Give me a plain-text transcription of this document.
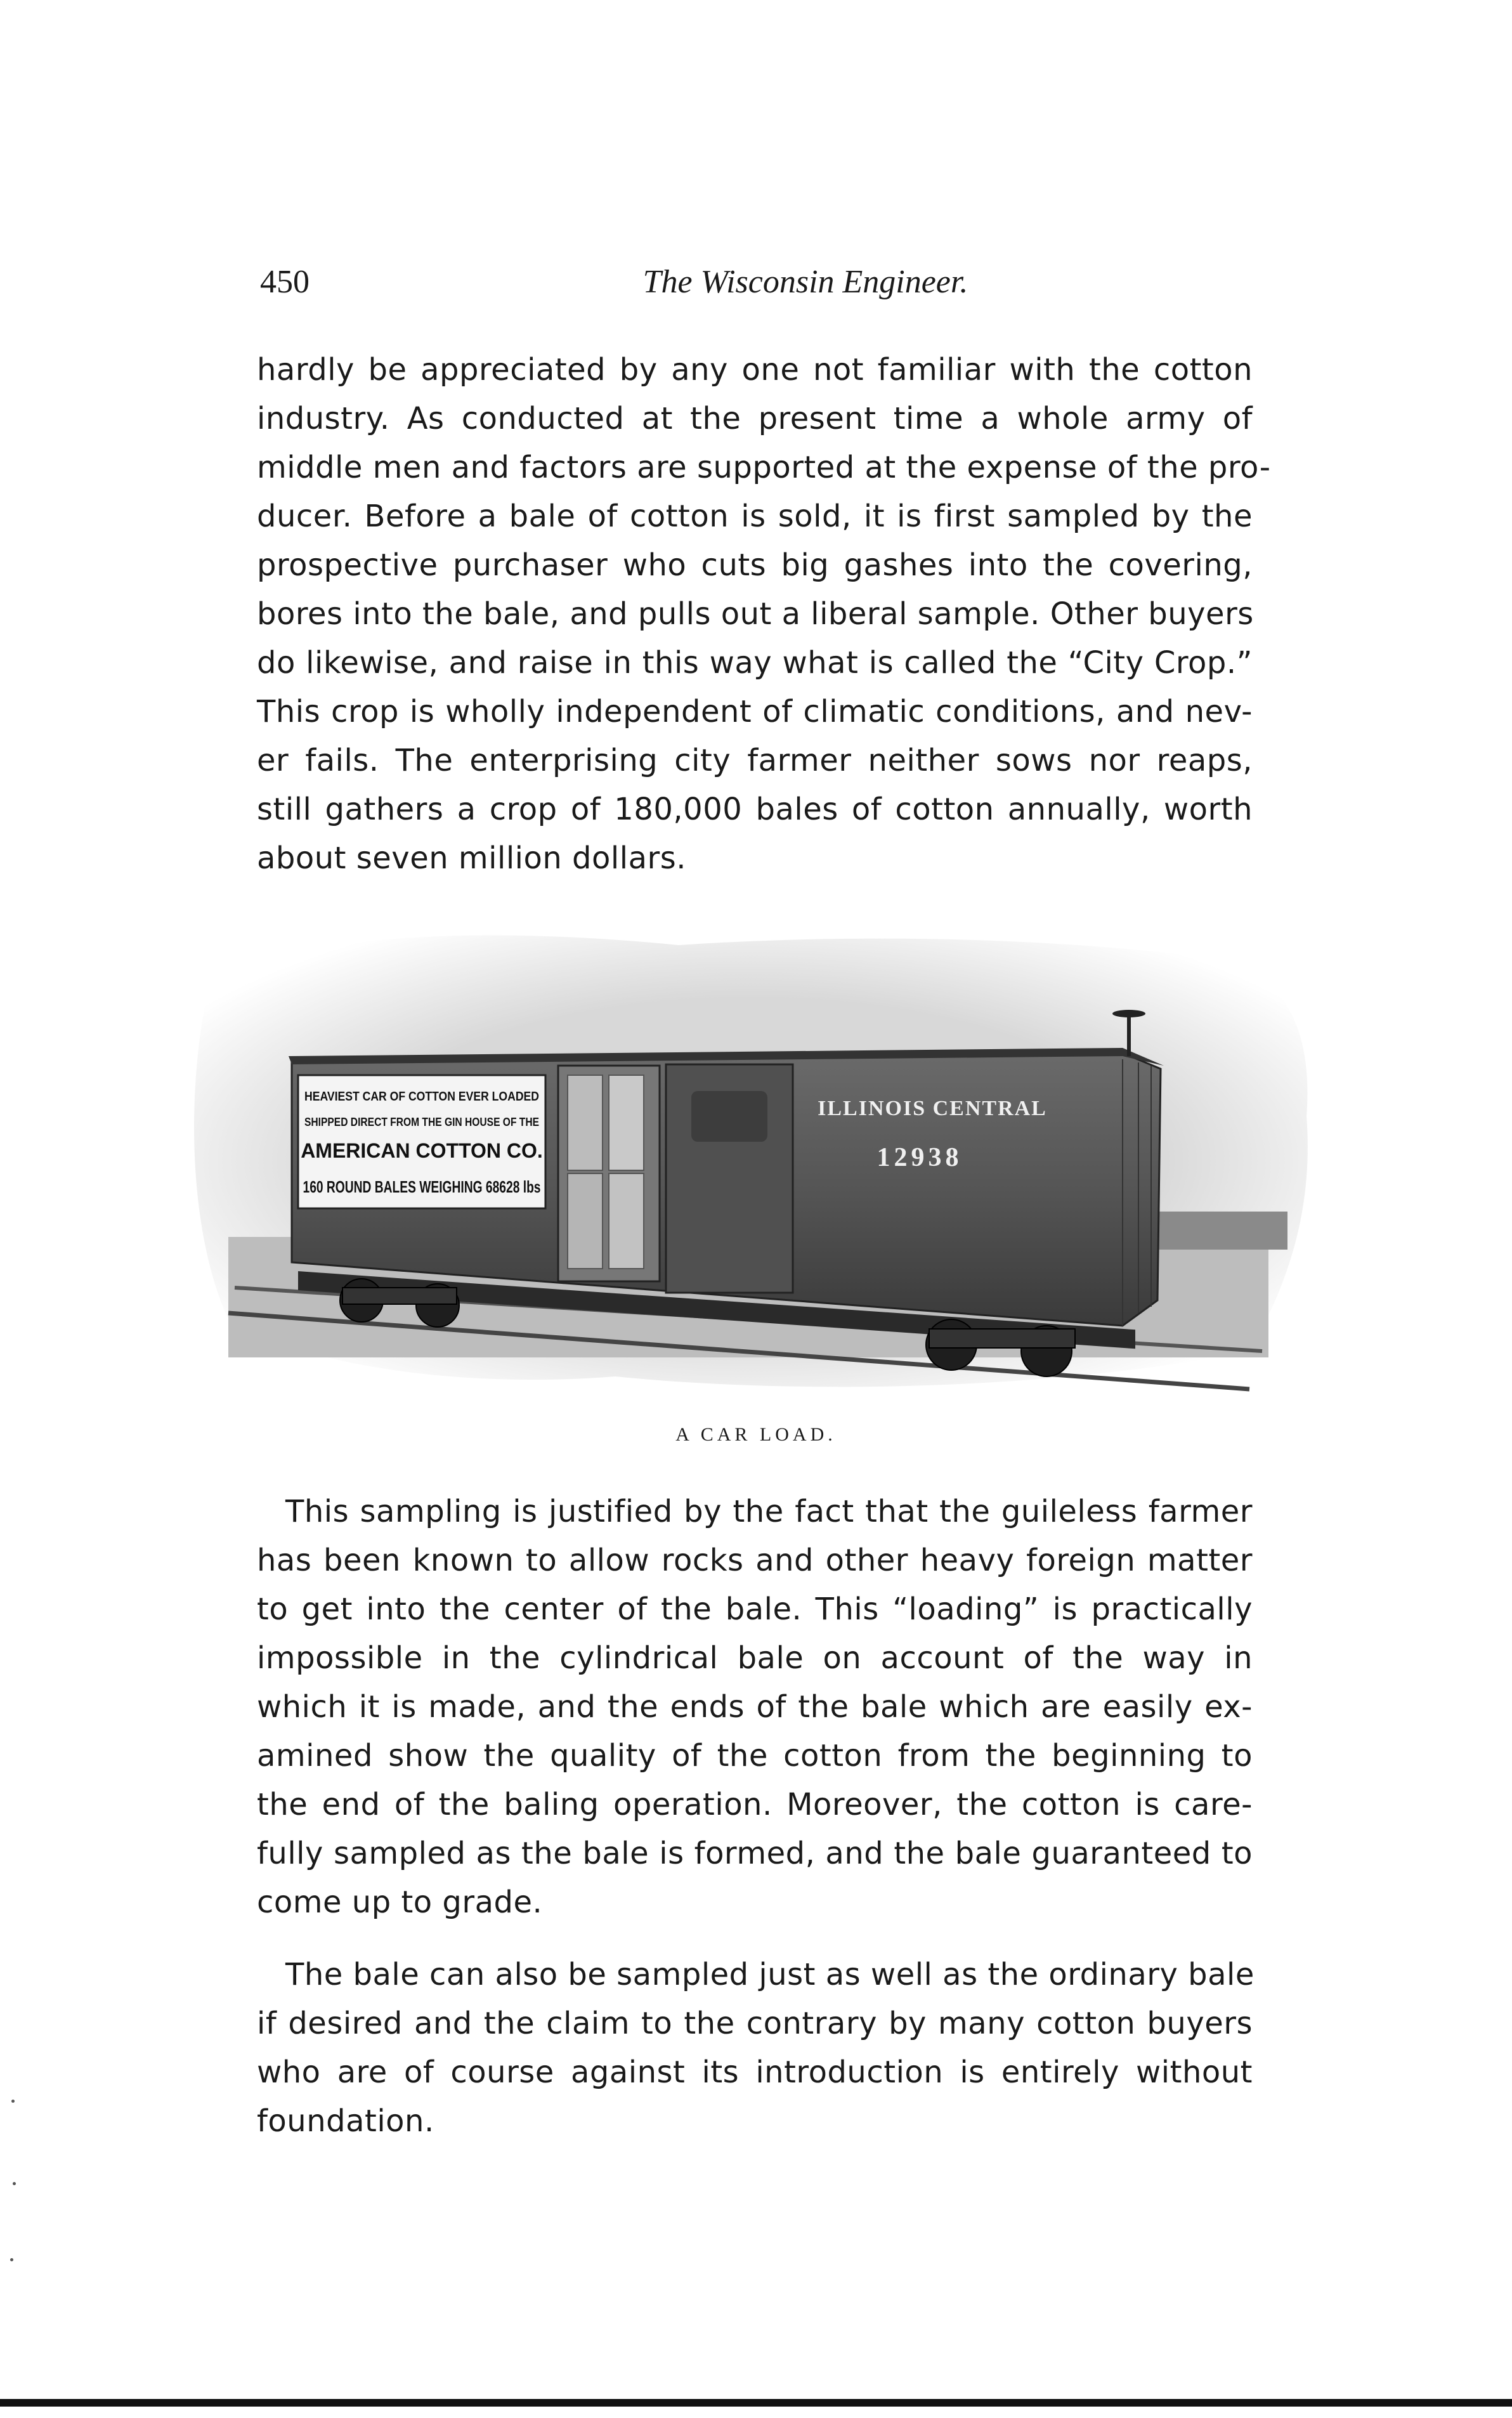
450	The Wisconsin Engineer.
hardly be appreciated by any one not familiar with the cotton
industry. As conducted at the present time a whole army of
middle men and factors are supported at the expense of the pro-
ducer. Before a bale of cotton is sold, it is first sampled by the
prospective purchaser who cuts big gashes into the covering,
bores into the bale, and pulls out a liberal sample. Other buyers
do likewise, and raise in this way what is called the “City Crop.”
This crop is wholly independent of climatic conditions, and nev-
er fails. The enterprising city farmer neither sows nor reaps,
still gathers a crop of 180,000 bales of cotton annually, worth
about seven million dollars.
HEAVIEST CAR OF COTTON EVER LOADED
SHIPPED DIRECT FROM THE GIN HOUSE OF THE
AMERICAN COTTON CO.
160 ROUND BALES WEIGHING 68628 lbs
ILLINOIS CENTRAL
12938
A CAR LOAD.
This sampling is justified by the fact that the guileless farmer
has been known to allow rocks and other heavy foreign matter
to get into the center of the bale. This “loading” is practically
impossible in the cylindrical bale on account of the way in
which it is made, and the ends of the bale which are easily ex-
amined show the quality of the cotton from the beginning to
the end of the baling operation. Moreover, the cotton is care-
fully sampled as the bale is formed, and the bale guaranteed to
come up to grade.
The bale can also be sampled just as well as the ordinary bale
if desired and the claim to the contrary by many cotton buyers
who are of course against its introduction is entirely without
foundation.
